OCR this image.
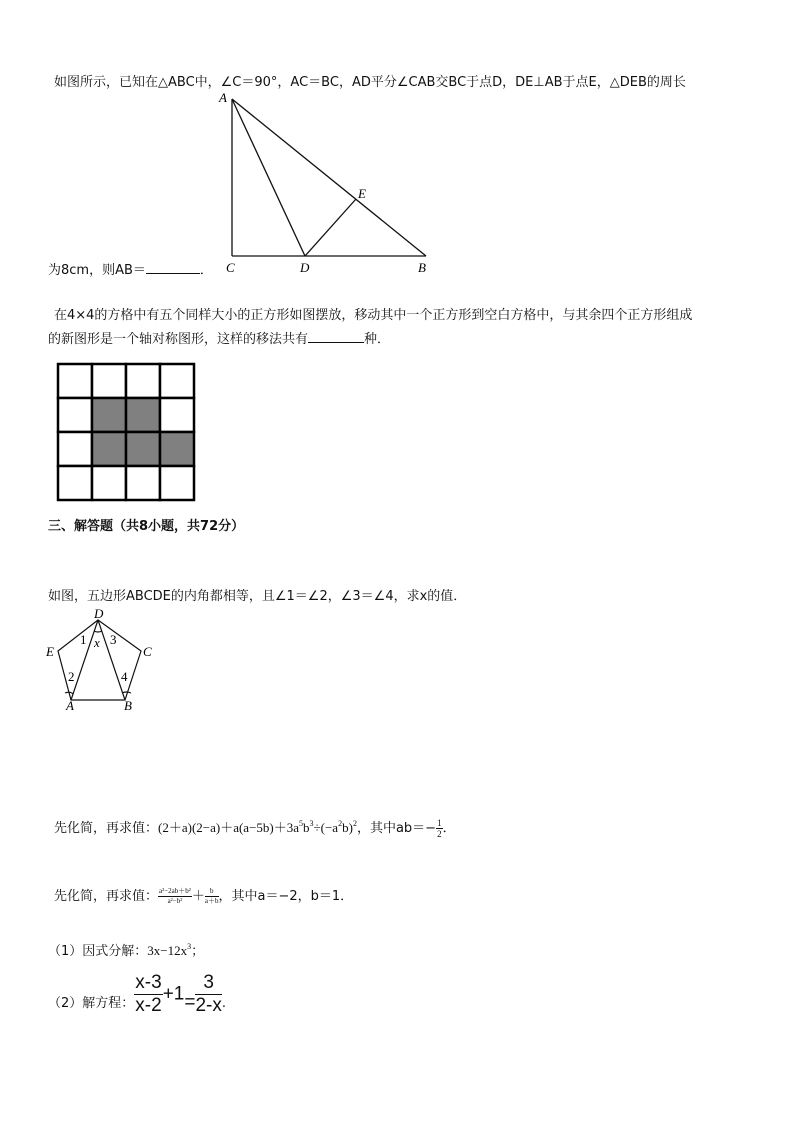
如图所示，已知在△ABC中，∠C＝90°，AC＝BC，AD平分∠CAB交BC于点D，DE⊥AB于点E，△DEB的周长
A
E
C	D	B
为8cm，则AB＝	．
在4×4的方格中有五个同样大小的正方形如图摆放，移动其中一个正方形到空白方格中，与其余四个正方形组成
的新图形是一个轴对称图形，这样的移法共有	种．
三、解答题（共8小题，共72分）
如图，五边形ABCDE的内角都相等，且∠1＝∠2，∠3＝∠4，求x的值．
D
E	C
A	B
1 x 3
2	4
先化简，再求值：$(2+a)(2-a)+a(a-5b)+3a^5b^3\div(-a^2b)^2$，其中$ab=- \frac{1}{2}$ ．
先化简，再求值： $\frac{\text{a²−2ab＋b²}}{\text{a²−b²}} + \frac{b}{a+b}$ ，其中a＝−2，b＝1．
（1）因式分解：$3x-12x^3$；
（2）解方程： $\frac{x-3}{x-2} +1= \frac{3}{2-x}$ .
